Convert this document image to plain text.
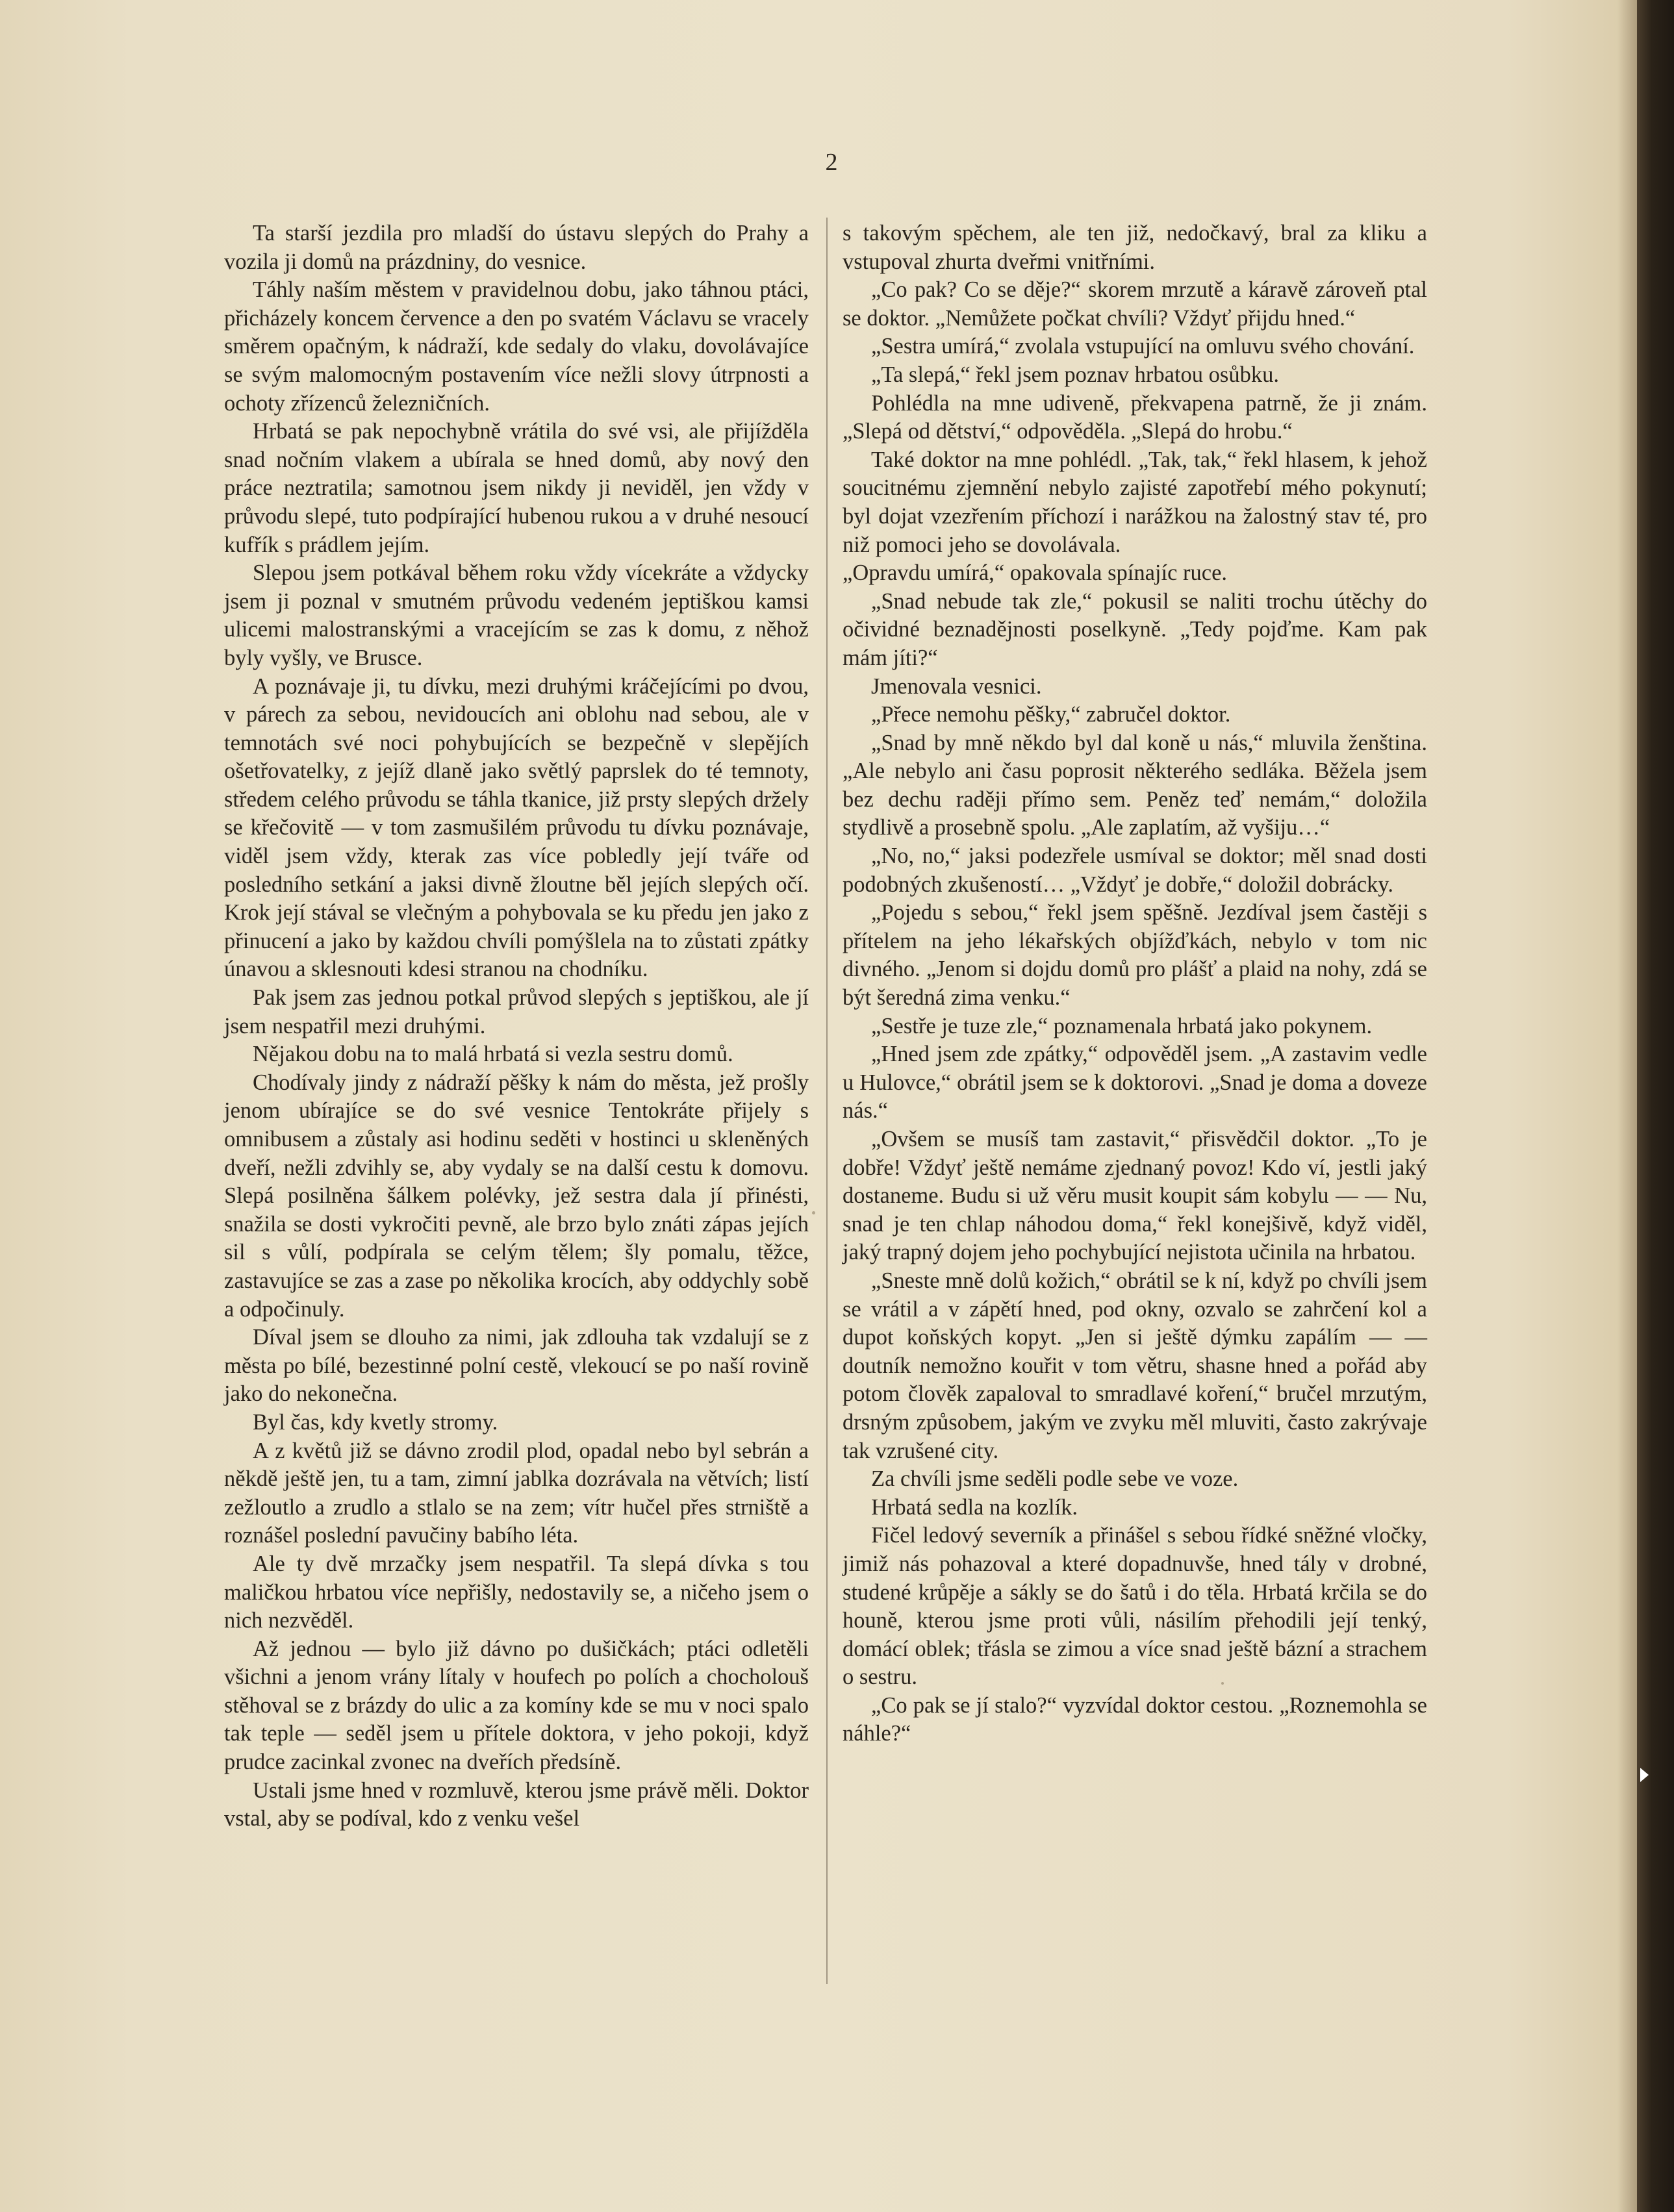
2

Ta starší jezdila pro mladší do ústavu slepých do Prahy a vozila ji domů na prázdniny, do vesnice.

Táhly naším městem v pravidelnou dobu, jako táhnou ptáci, přicházely koncem července a den po svatém Václavu se vracely směrem opačným, k nádraží, kde sedaly do vlaku, dovolávajíce se svým malomocným postavením více nežli slovy útrpnosti a ochoty zřízenců železničních.

Hrbatá se pak nepochybně vrátila do své vsi, ale přijížděla snad nočním vlakem a ubírala se hned domů, aby nový den práce neztratila; samotnou jsem nikdy ji neviděl, jen vždy v průvodu slepé, tuto podpírající hubenou rukou a v druhé nesoucí kufřík s prádlem jejím.

Slepou jsem potkával během roku vždy vícekráte a vždycky jsem ji poznal v smutném průvodu vedeném jeptiškou kamsi ulicemi malostranskými a vracejícím se zas k domu, z něhož byly vyšly, ve Brusce.

A poznávaje ji, tu dívku, mezi druhými kráčejícími po dvou, v párech za sebou, nevidoucích ani oblohu nad sebou, ale v temnotách své noci pohybujících se bezpečně v slepějích ošetřovatelky, z jejíž dlaně jako světlý paprslek do té temnoty, středem celého průvodu se táhla tkanice, již prsty slepých držely se křečovitě — v tom zasmušilém průvodu tu dívku poznávaje, viděl jsem vždy, kterak zas více pobledly její tváře od posledního setkání a jaksi divně žloutne běl jejích slepých očí. Krok její stával se vlečným a pohybovala se ku předu jen jako z přinucení a jako by každou chvíli pomýšlela na to zůstati zpátky únavou a sklesnouti kdesi stranou na chodníku.

Pak jsem zas jednou potkal průvod slepých s jeptiškou, ale jí jsem nespatřil mezi druhými.

Nějakou dobu na to malá hrbatá si vezla sestru domů.

Chodívaly jindy z nádraží pěšky k nám do města, jež prošly jenom ubírajíce se do své vesnice Tentokráte přijely s omnibusem a zůstaly asi hodinu seděti v hostinci u skleněných dveří, nežli zdvihly se, aby vydaly se na další cestu k domovu. Slepá posilněna šálkem polévky, jež sestra dala jí přinésti, snažila se dosti vykročiti pevně, ale brzo bylo znáti zápas jejích sil s vůlí, podpírala se celým tělem; šly pomalu, těžce, zastavujíce se zas a zase po několika krocích, aby oddychly sobě a odpočinuly.

Díval jsem se dlouho za nimi, jak zdlouha tak vzdalují se z města po bílé, bezestinné polní cestě, vlekoucí se po naší rovině jako do nekonečna.

Byl čas, kdy kvetly stromy.

A z květů již se dávno zrodil plod, opadal nebo byl sebrán a někdě ještě jen, tu a tam, zimní jablka dozrávala na větvích; listí zežloutlo a zrudlo a stlalo se na zem; vítr hučel přes strniště a roznášel poslední pavučiny babího léta.

Ale ty dvě mrzačky jsem nespatřil. Ta slepá dívka s tou maličkou hrbatou více nepřišly, nedostavily se, a ničeho jsem o nich nezvěděl.

Až jednou — bylo již dávno po dušičkách; ptáci odletěli všichni a jenom vrány lítaly v houfech po polích a chocholouš stěhoval se z brázdy do ulic a za komíny kde se mu v noci spalo tak teple — seděl jsem u přítele doktora, v jeho pokoji, když prudce zacinkal zvonec na dveřích předsíně.

Ustali jsme hned v rozmluvě, kterou jsme právě měli. Doktor vstal, aby se podíval, kdo z venku vešel

s takovým spěchem, ale ten již, nedočkavý, bral za kliku a vstupoval zhurta dveřmi vnitřními.

„Co pak? Co se děje?“ skorem mrzutě a káravě zároveň ptal se doktor. „Nemůžete počkat chvíli? Vždyť přijdu hned.“

„Sestra umírá,“ zvolala vstupující na omluvu svého chování.

„Ta slepá,“ řekl jsem poznav hrbatou osůbku.

Pohlédla na mne udiveně, překvapena patrně, že ji znám. „Slepá od dětství,“ odpověděla. „Slepá do hrobu.“

Také doktor na mne pohlédl. „Tak, tak,“ řekl hlasem, k jehož soucitnému zjemnění nebylo zajisté zapotřebí mého pokynutí; byl dojat vzezřením příchozí i narážkou na žalostný stav té, pro niž pomoci jeho se dovolávala.

„Opravdu umírá,“ opakovala spínajíc ruce.

„Snad nebude tak zle,“ pokusil se naliti trochu útěchy do očividné beznadějnosti poselkyně. „Tedy pojďme. Kam pak mám jíti?“

Jmenovala vesnici.

„Přece nemohu pěšky,“ zabručel doktor.

„Snad by mně někdo byl dal koně u nás,“ mluvila ženština. „Ale nebylo ani času poprosit některého sedláka. Běžela jsem bez dechu raději přímo sem. Peněz teď nemám,“ doložila stydlivě a prosebně spolu. „Ale zaplatím, až vyšiju…“

„No, no,“ jaksi podezřele usmíval se doktor; měl snad dosti podobných zkušeností… „Vždyť je dobře,“ doložil dobrácky.

„Pojedu s sebou,“ řekl jsem spěšně. Jezdíval jsem častěji s přítelem na jeho lékařských objížďkách, nebylo v tom nic divného. „Jenom si dojdu domů pro plášť a plaid na nohy, zdá se být šeredná zima venku.“

„Sestře je tuze zle,“ poznamenala hrbatá jako pokynem.

„Hned jsem zde zpátky,“ odpověděl jsem. „A zastavim vedle u Hulovce,“ obrátil jsem se k doktorovi. „Snad je doma a doveze nás.“

„Ovšem se musíš tam zastavit,“ přisvědčil doktor. „To je dobře! Vždyť ještě nemáme zjednaný povoz! Kdo ví, jestli jaký dostaneme. Budu si už věru musit koupit sám kobylu — — Nu, snad je ten chlap náhodou doma,“ řekl konejšivě, když viděl, jaký trapný dojem jeho pochybující nejistota učinila na hrbatou.

„Sneste mně dolů kožich,“ obrátil se k ní, když po chvíli jsem se vrátil a v zápětí hned, pod okny, ozvalo se zahrčení kol a dupot koňských kopyt. „Jen si ještě dýmku zapálím — — doutník nemožno kouřit v tom větru, shasne hned a pořád aby potom člověk zapaloval to smradlavé koření,“ bručel mrzutým, drsným způsobem, jakým ve zvyku měl mluviti, často zakrývaje tak vzrušené city.

Za chvíli jsme seděli podle sebe ve voze.

Hrbatá sedla na kozlík.

Fičel ledový severník a přinášel s sebou řídké sněžné vločky, jimiž nás pohazoval a které dopadnuvše, hned tály v drobné, studené krůpěje a sákly se do šatů i do těla. Hrbatá krčila se do houně, kterou jsme proti vůli, násilím přehodili její tenký, domácí oblek; třásla se zimou a více snad ještě bázní a strachem o sestru.

„Co pak se jí stalo?“ vyzvídal doktor cestou. „Roznemohla se náhle?“
